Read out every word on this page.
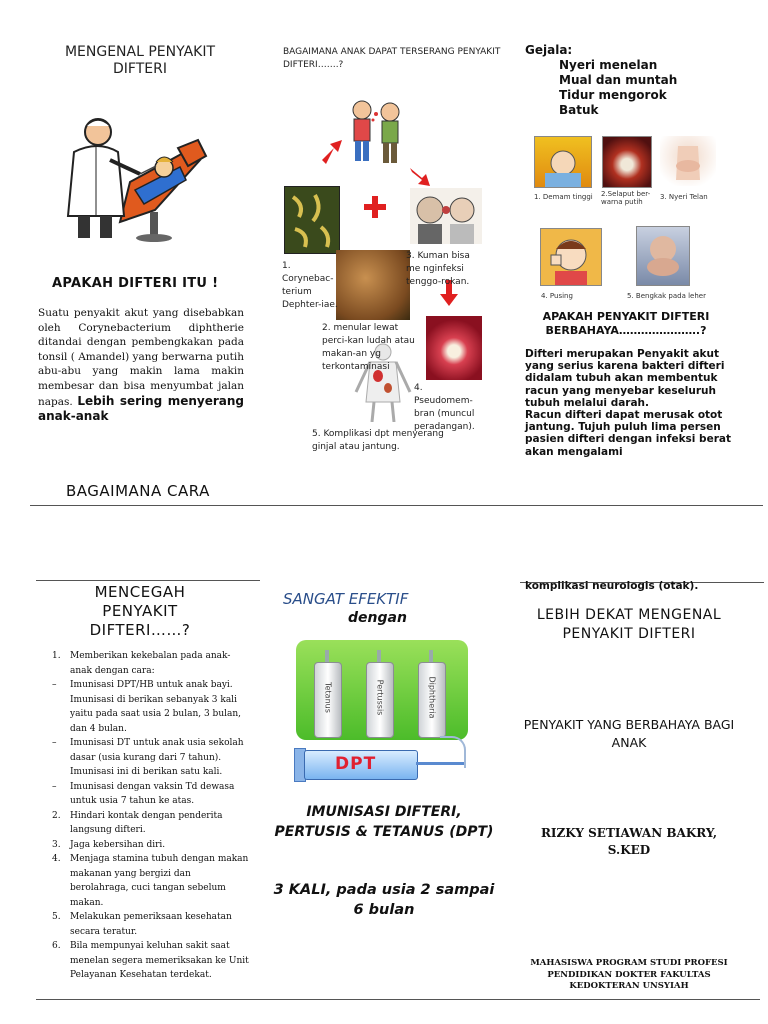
MENGENAL PENYAKIT DIFTERI
APAKAH DIFTERI ITU !
Suatu penyakit akut yang disebabkan oleh Corynebacterium diphtherie ditandai dengan pembengkakan pada tonsil ( Amandel) yang berwarna putih abu-abu yang makin lama makin membesar dan bisa menyumbat jalan napas. Lebih sering menyerang anak-anak
BAGAIMANA CARA
BAGAIMANA ANAK DAPAT TERSERANG PENYAKIT DIFTERI…….?
1. Corynebac-terium Dephter-iae.
3. Kuman bisa me nginfeksi tenggo-rokan.
2. menular lewat perci-kan ludah atau makan-an yg terkontaminasi
4. Pseudomem-bran (muncul peradangan).
5. Komplikasi dpt menyerang ginjal atau jantung.
Gejala:
Nyeri menelan
Mual dan muntah
Tidur mengorok
Batuk
1. Demam tinggi 2.Selaput ber-warna putih
3. Nyeri Telan
4. Pusing	5. Bengkak pada leher
APAKAH PENYAKIT DIFTERI BERBAHAYA………………….?
Difteri merupakan Penyakit akut yang serius karena bakteri difteri didalam tubuh akan membentuk racun yang menyebar keseluruh tubuh melalui darah.
Racun difteri dapat merusak otot jantung. Tujuh puluh lima persen pasien difteri dengan infeksi berat akan mengalami
MENCEGAH PENYAKIT DIFTERI……?
1. Memberikan kekebalan pada anak-anak dengan cara:
– Imunisasi DPT/HB untuk anak bayi. Imunisasi di berikan sebanyak 3 kali yaitu pada saat usia 2 bulan, 3 bulan, dan 4 bulan.
– Imunisasi DT untuk anak usia sekolah dasar (usia kurang dari 7 tahun). Imunisasi ini di berikan satu kali.
– Imunisasi dengan vaksin Td dewasa untuk usia 7 tahun ke atas.
2. Hindari kontak dengan penderita langsung difteri.
3. Jaga kebersihan diri.
4. Menjaga stamina tubuh dengan makan makanan yang bergizi dan berolahraga, cuci tangan sebelum makan.
5. Melakukan pemeriksaan kesehatan secara teratur.
6. Bila mempunyai keluhan sakit saat menelan segera memeriksakan ke Unit Pelayanan Kesehatan terdekat.
SANGAT EFEKTIF
dengan
Tetanus	Pertussis	Diphtheria
DPT
IMUNISASI DIFTERI, PERTUSIS & TETANUS (DPT)
3 KALI, pada usia 2 sampai 6 bulan
komplikasi neurologis (otak).
LEBIH DEKAT MENGENAL PENYAKIT DIFTERI
PENYAKIT YANG BERBAHAYA BAGI ANAK
RIZKY SETIAWAN BAKRY, S.KED
MAHASISWA PROGRAM STUDI PROFESI PENDIDIKAN DOKTER FAKULTAS KEDOKTERAN UNSYIAH
